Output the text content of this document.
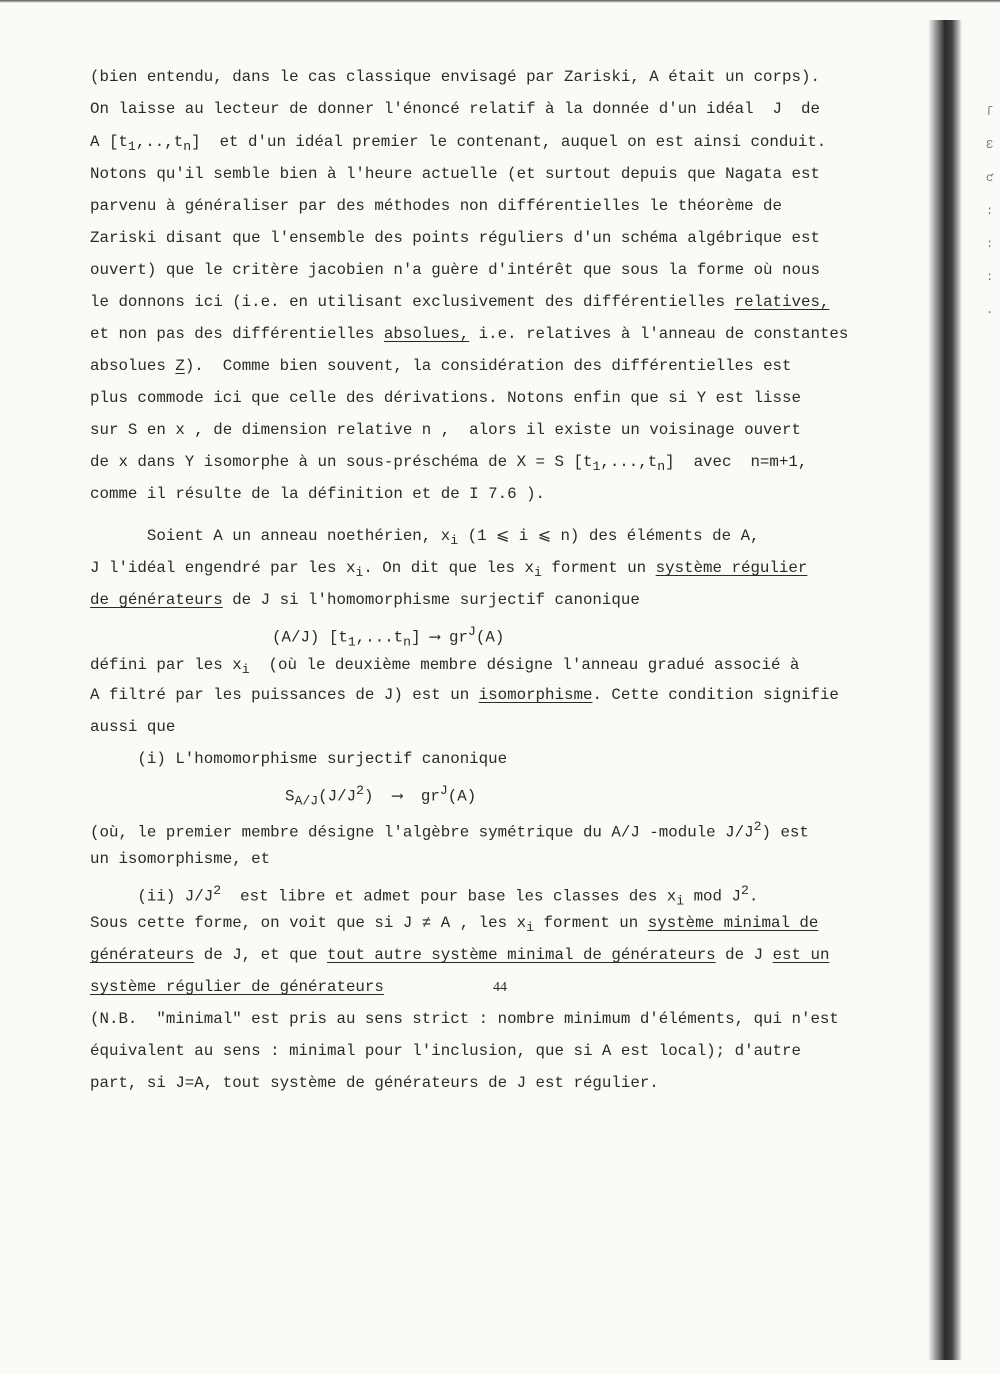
ſ
Ɛ
ƈ
:
:
:
.

(bien entendu, dans le cas classique envisagé par Zariski, A était un corps).

On laisse au lecteur de donner l'énoncé relatif à la donnée d'un idéal  J  de

A $[t_1,..,t_n]$  et d'un idéal premier le contenant, auquel on est ainsi conduit.

Notons qu'il semble bien à l'heure actuelle (et surtout depuis que Nagata est

parvenu à généraliser par des méthodes non différentielles le théorème de

Zariski disant que l'ensemble des points réguliers d'un schéma algébrique est

ouvert) que le critère jacobien n'a guère d'intérêt que sous la forme où nous

le donnons ici (i.e. en utilisant exclusivement des différentielles relatives,

et non pas des différentielles absolues, i.e. relatives à l'anneau de constantes

absolues Z).  Comme bien souvent, la considération des différentielles est

plus commode ici que celle des dérivations. Notons enfin que si Y est lisse

sur S en x , de dimension relative n ,  alors il existe un voisinage ouvert

de x dans Y isomorphe à un sous-préschéma de X = S $[t_1,...,t_n]$  avec  n=m+1,

comme il résulte de la définition et de I 7.6 ).

Soient A un anneau noethérien, $x_i$ (1 ⩽ i ⩽ n) des éléments de A,

J l'idéal engendré par les $x_i$. On dit que les $x_i$ forment un système régulier

de générateurs de J si l'homomorphisme surjectif canonique

(A/J) $[t_1,...t_n]$ ⟶ $gr^J(A)$

défini par les $x_i$  (où le deuxième membre désigne l'anneau gradué associé à

A filtré par les puissances de J) est un isomorphisme. Cette condition signifie

aussi que

(i) L'homomorphisme surjectif canonique

$S_{A/J}(J/J^2)$  ⟶  $gr^J(A)$

(où, le premier membre désigne l'algèbre symétrique du A/J -module $J/J^2$) est

un isomorphisme, et

(ii) $J/J^2$  est libre et admet pour base les classes des $x_i$ mod $J^2$.

Sous cette forme, on voit que si J ≠ A , les $x_i$ forment un système minimal de

générateurs de J, et que tout autre système minimal de générateurs de J est un

système régulier de générateurs

(N.B.  "minimal" est pris au sens strict : nombre minimum d'éléments, qui n'est

équivalent au sens : minimal pour l'inclusion, que si A est local); d'autre

part, si J=A, tout système de générateurs de J est régulier.

44
